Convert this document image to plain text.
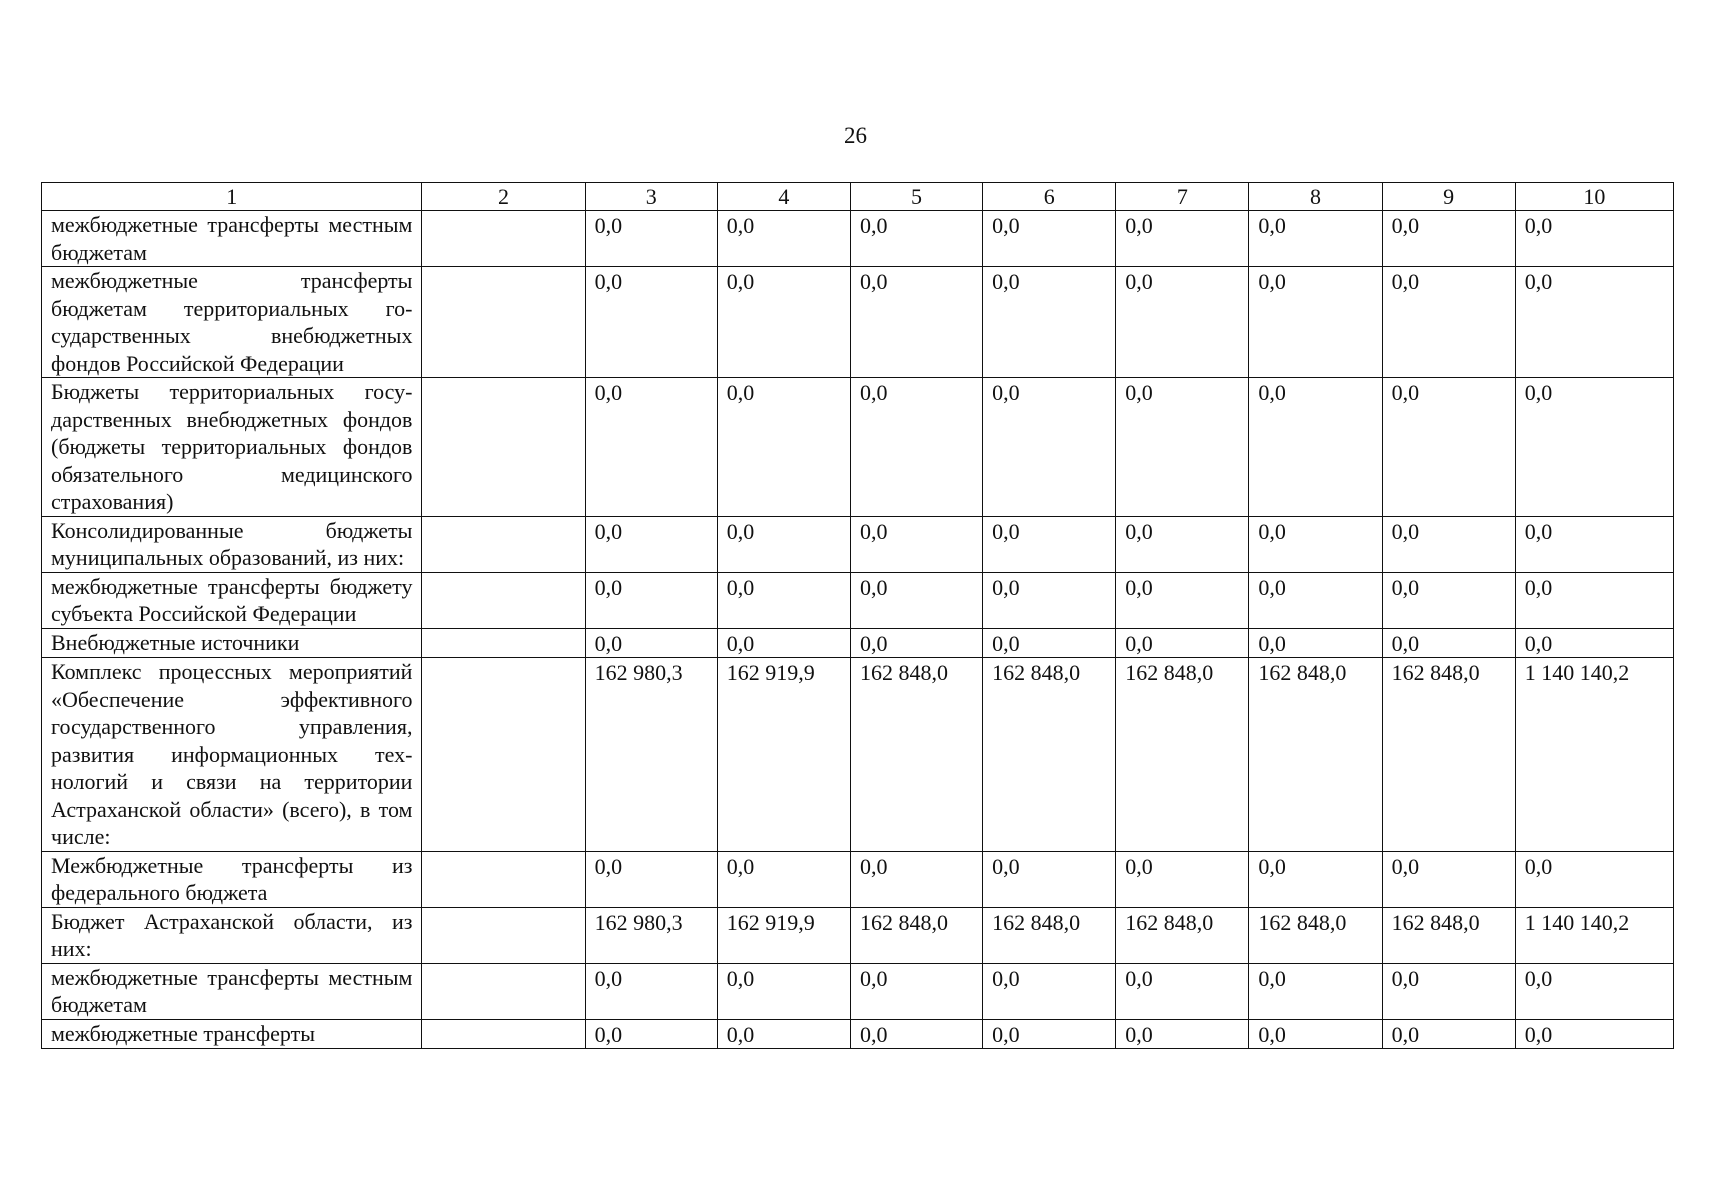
26
1	2	3	4	5	6	7	8	9	10
межбюджетные трансферты местным бюджетам		0,0	0,0	0,0	0,0	0,0	0,0	0,0	0,0
межбюджетные трансферты бюджетам территориальных государственных внебюджетных фондов Российской Федерации		0,0	0,0	0,0	0,0	0,0	0,0	0,0	0,0
Бюджеты территориальных государственных внебюджетных фондов (бюджеты территориальных фондов обязательного медицинского страхования)		0,0	0,0	0,0	0,0	0,0	0,0	0,0	0,0
Консолидированные бюджеты муниципальных образований, из них:		0,0	0,0	0,0	0,0	0,0	0,0	0,0	0,0
межбюджетные трансферты бюджету субъекта Российской Федерации		0,0	0,0	0,0	0,0	0,0	0,0	0,0	0,0
Внебюджетные источники		0,0	0,0	0,0	0,0	0,0	0,0	0,0	0,0
Комплекс процессных мероприятий «Обеспечение эффективного государственного управления, развития информационных технологий и связи на территории Астраханской области» (всего), в том числе:		162 980,3	162 919,9	162 848,0	162 848,0	162 848,0	162 848,0	162 848,0	1 140 140,2
Межбюджетные трансферты из федерального бюджета		0,0	0,0	0,0	0,0	0,0	0,0	0,0	0,0
Бюджет Астраханской области, из них:		162 980,3	162 919,9	162 848,0	162 848,0	162 848,0	162 848,0	162 848,0	1 140 140,2
межбюджетные трансферты местным бюджетам		0,0	0,0	0,0	0,0	0,0	0,0	0,0	0,0
межбюджетные трансферты		0,0	0,0	0,0	0,0	0,0	0,0	0,0	0,0
